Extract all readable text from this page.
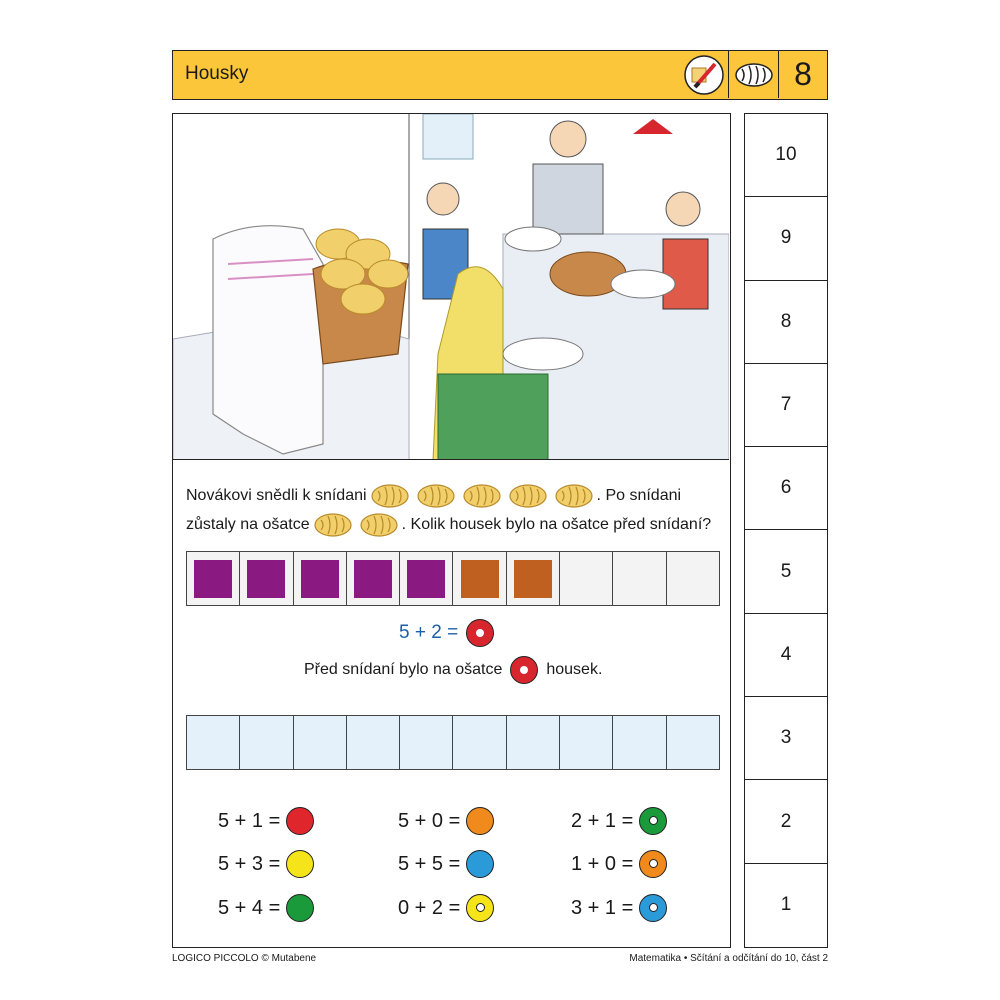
Housky	8
Novákovi snědli k snídani	. Po snídani
zůstaly na ošatce	. Kolik housek bylo na ošatce před snídaní?
5 + 2 =
Před snídaní bylo na ošatce	housek.
5 + 1 =	5 + 0 =	2 + 1 =
5 + 3 =	5 + 5 =	1 + 0 =
5 + 4 =	0 + 2 =	3 + 1 =
10
9
8
7
6
5
4
3
2
1
LOGICO PICCOLO © Mutabene	Matematika • Sčítání a odčítání do 10, část 2
